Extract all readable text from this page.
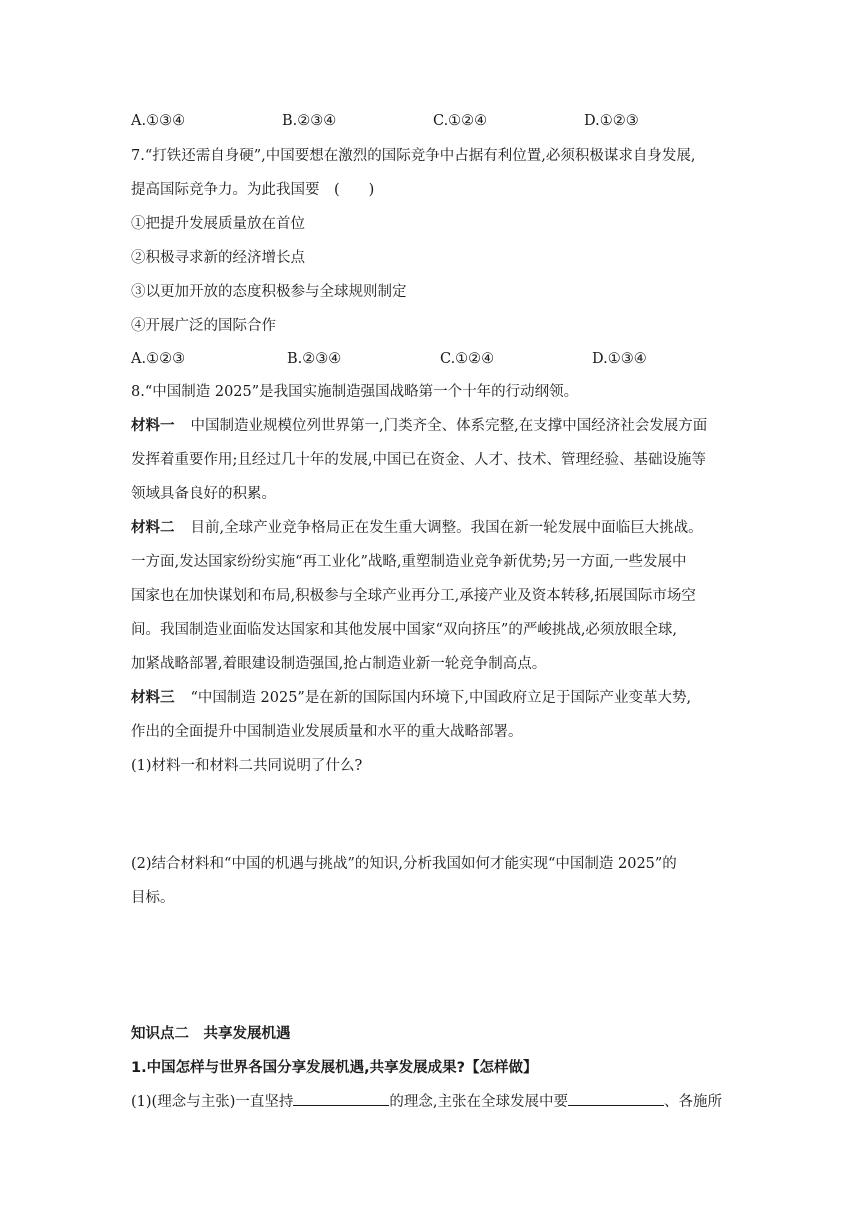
A.①③④	B.②③④	C.①②④	D.①②③
7.“打铁还需自身硬”,中国要想在激烈的国际竞争中占据有利位置,必须积极谋求自身发展,
提高国际竞争力。为此我国要　(　　)
①把提升发展质量放在首位
②积极寻求新的经济增长点
③以更加开放的态度积极参与全球规则制定
④开展广泛的国际合作
A.①②③	B.②③④	C.①②④	D.①③④
8.“中国制造 2025”是我国实施制造强国战略第一个十年的行动纲领。
材料一 中国制造业规模位列世界第一,门类齐全、体系完整,在支撑中国经济社会发展方面
发挥着重要作用;且经过几十年的发展,中国已在资金、人才、技术、管理经验、基础设施等
领域具备良好的积累。
材料二 目前,全球产业竞争格局正在发生重大调整。我国在新一轮发展中面临巨大挑战。
一方面,发达国家纷纷实施“再工业化”战略,重塑制造业竞争新优势;另一方面,一些发展中
国家也在加快谋划和布局,积极参与全球产业再分工,承接产业及资本转移,拓展国际市场空
间。我国制造业面临发达国家和其他发展中国家“双向挤压”的严峻挑战,必须放眼全球,
加紧战略部署,着眼建设制造强国,抢占制造业新一轮竞争制高点。
材料三 “中国制造 2025”是在新的国际国内环境下,中国政府立足于国际产业变革大势,
作出的全面提升中国制造业发展质量和水平的重大战略部署。
(1)材料一和材料二共同说明了什么?
(2)结合材料和“中国的机遇与挑战”的知识,分析我国如何才能实现“中国制造 2025”的
目标。
知识点二　共享发展机遇
1.中国怎样与世界各国分享发展机遇,共享发展成果?【怎样做】
(1)(理念与主张)一直坚持	的理念,主张在全球发展中要	、各施所
